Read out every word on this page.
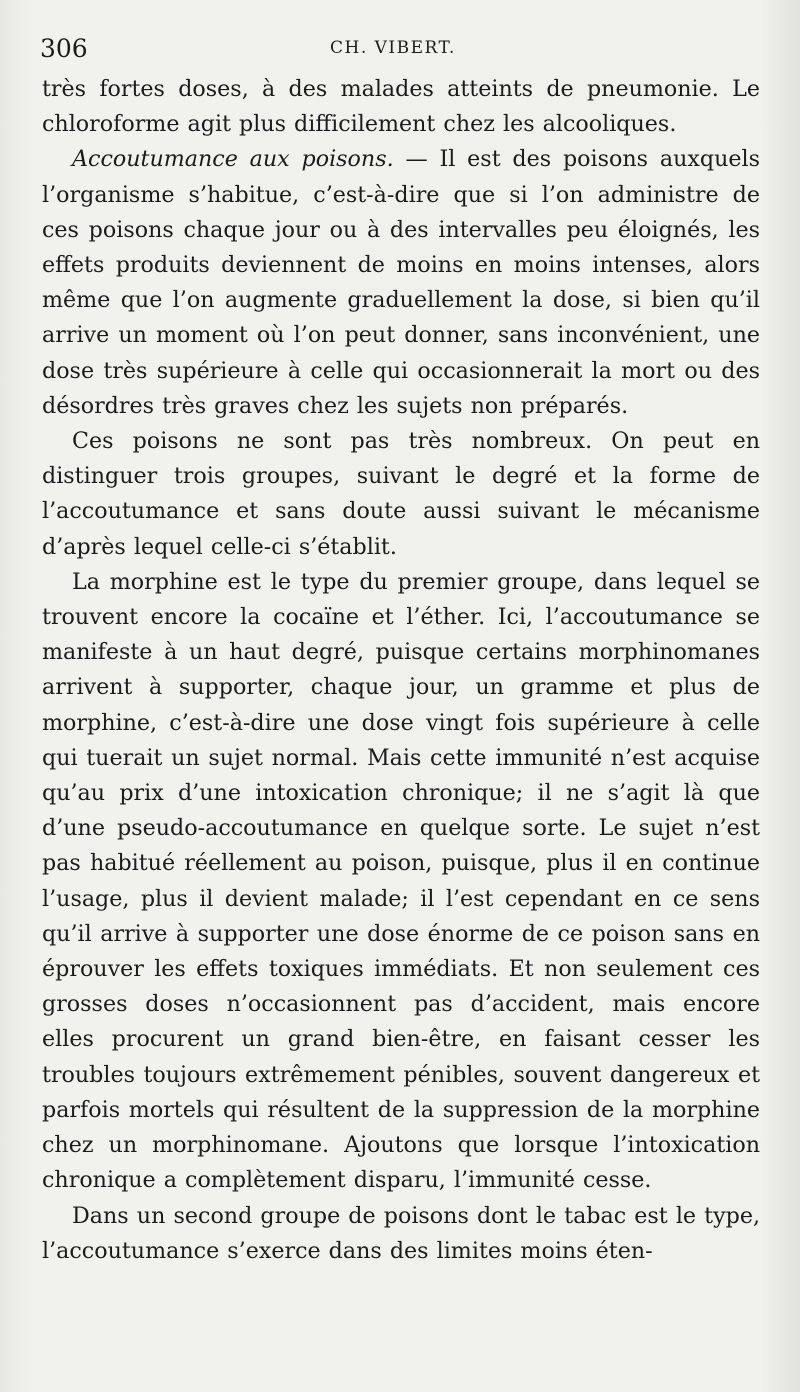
306	CH. VIBERT.

très fortes doses, à des malades atteints de pneumonie. Le chloroforme agit plus difficilement chez les alcooliques.

Accoutumance aux poisons. — Il est des poisons auxquels l’organisme s’habitue, c’est-à-dire que si l’on administre de ces poisons chaque jour ou à des intervalles peu éloignés, les effets produits deviennent de moins en moins intenses, alors même que l’on augmente graduellement la dose, si bien qu’il arrive un moment où l’on peut donner, sans inconvénient, une dose très supérieure à celle qui occasionnerait la mort ou des désordres très graves chez les sujets non préparés.

Ces poisons ne sont pas très nombreux. On peut en distinguer trois groupes, suivant le degré et la forme de l’accoutumance et sans doute aussi suivant le mécanisme d’après lequel celle-ci s’établit.

La morphine est le type du premier groupe, dans lequel se trouvent encore la cocaïne et l’éther. Ici, l’accoutumance se manifeste à un haut degré, puisque certains morphinomanes arrivent à supporter, chaque jour, un gramme et plus de morphine, c’est-à-dire une dose vingt fois supérieure à celle qui tuerait un sujet normal. Mais cette immunité n’est acquise qu’au prix d’une intoxication chronique; il ne s’agit là que d’une pseudo-accoutumance en quelque sorte. Le sujet n’est pas habitué réellement au poison, puisque, plus il en continue l’usage, plus il devient malade; il l’est cependant en ce sens qu’il arrive à supporter une dose énorme de ce poison sans en éprouver les effets toxiques immédiats. Et non seulement ces grosses doses n’occasionnent pas d’accident, mais encore elles procurent un grand bien-être, en faisant cesser les troubles toujours extrêmement pénibles, souvent dangereux et parfois mortels qui résultent de la suppression de la morphine chez un morphinomane. Ajoutons que lorsque l’intoxication chronique a complètement disparu, l’immunité cesse.

Dans un second groupe de poisons dont le tabac est le type, l’accoutumance s’exerce dans des limites moins éten-
